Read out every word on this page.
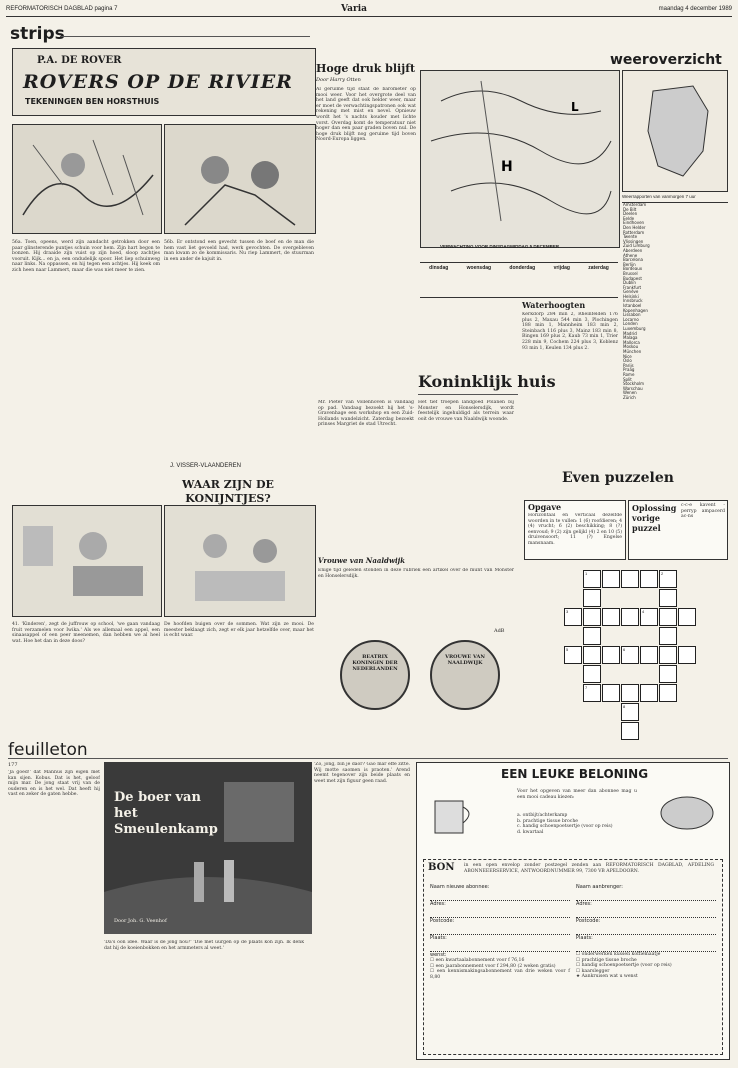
REFORMATORISCH DAGBLAD pagina 7	Varia	maandag 4 december 1989
strips
P.A. DE ROVER
ROVERS OP DE RIVIER
TEKENINGEN BEN HORSTHUIS
56a. Toen, opeens, werd zijn aandacht getrokken door een paar glinsterende puntjes schuin voor hem. Zijn hart begon te bonzen. Hij draaide zijn vuist op zijn hoed, sloop zachtjes vooruit. Kijk... en ja, een ondudelijk spoor. Het liep schuinweg naar links. Na oppassen, en hij tegen een achtjes. Hij keek om zich heen naar Lammert, maar die was niet meer te zien.
56b. Er ontstond een gevecht tussen de boef en de man die hem vast liet gevoeld had, werk gevochten. De overgebleven man kwam zo de kommissaris. Nu riep Lammert, de stuurman in een ander de kajuit in.
J. VISSER-VLAANDEREN
WAAR ZIJN DE KONIJNTJES?
41. 'Kinderen', zegt de juffrouw op school, 'we gaan vandaag fruit verzamelen voor Iwika.' Als we allemaal een appel, een sinaasappel of een peer meenemen, dan hebben we al heel wat. Hoe het dan in deze doos?
De hoofden buigen over de sommen. Wat zijn ze mooi. De meester beklaagt zich, zegt er elk jaar hetzelfde over, maar het is echt waar.
Hoge druk blijft
Door Harry Otten
Al geruime tijd staat de barometer op mooi weer. Voor het overgrote deel van het land geeft dat ook helder weer, maar er moet de verwachtingspatronen ook wat rekening met mist en nevel. Opnieuw wordt het 's nachts kouder met lichte vorst. Overdag komt de temperatuur niet hoger dan een paar graden boven nul. De hoge druk blijft nog geruime tijd boven Noord-Europa liggen.
weeroverzicht
H
L
VERWACHTING VOOR DINSDAGMIDDAG 5 DECEMBER
dinsdag	woensdag	donderdag	vrijdag	zaterdag
Weerrapporten van vanmorgen 7 uur
Amsterdam
De Bilt
Deelen
Eelde
Eindhoven
Den Helder
Rotterdam
Twente
Vlissingen
Zuid Limburg
Aberdeen
Athene
Barcelona
Berlijn
Bordeaux
Brussel
Budapest
Dublin
Frankfurt
Genève
Helsinki
Innsbruck
Istanboel
Kopenhagen
Lissabon
Locarno
Londen
Luxemburg
Madrid
Malaga
Mallorca
Moskou
München
Nice
Oslo
Parijs
Praag
Rome
Split
Stockholm
Warschau
Wenen
Zürich
Waterhoogten
Kerkdorp 284 min 2, Rheinfelden 176 plus 2, Maxau 544 min 3, Plochingen 188 min 1, Mannheim 183 min 2, Steinbach 116 plus 3, Mainz 183 min 8, Bingen 169 plus 2, Kaub 73 min 1, Trier 228 min 9, Cochem 224 plus 3, Koblenz 93 min 1, Keulen 134 plus 2.
Koninklijk huis
Mr. Pieter van Vollenhoven is vandaag op pad. Vandaag bezoekt hij het 's-Gravenhage een workshop en een Zuid-Hollands wandelzicht. Zaterdag bezoekt prinses Margriet de stad Utrecht.
Het tief troepen landgoed Polanen bij Monster en Honselersdijk, wordt feestelijk ingehuldigd als terrein waar ooit de vrouwe van Naaldwijk woonde.
Vrouwe van Naaldwijk
Enige tijd geleden stonden in deze rubriek een artikel over de munt van Monster en Honselersdijk.
BEATRIX KONINGIN DER NEDERLANDEN
VROUWE VAN NAALDWIJK
AdB
Even puzzelen
Opgave
Horizontaal en verticaal dezelfde woorden in te vullen: 1 (6) roofdieren; 4 (4) vrucht; 6 (2) beschikking; 8 (?) eenvoud; 9 (2) zijn gelijkl (4) 2 en 10 (5) druivensoort; 11 (?) Engelse mansnaam.
Oplossing vorige puzzel
c-c-e kavent -perryp ampacerd ac-ns
1	2
3	4
5	6
7
8
feuilleton
177
'Ja goed!' dat Mannus zijn eigen met kan sijen. Kobus. Dat is het, geloof mijn mar. De jong staat vrij van de ouderen en is het wel. Dat heeft hij vast en zeker de gaten hebbe.	De boer van het Smeulenkamp
Door Joh. G. Veenhof
'Da's oon idee. Waar is de jong nou?' 'Die met uurgen op de plaats kon zijn. Ik denk dat hij de koeienbokken en het armmeters al weet.'
'Zo, jong, bin je daor? Gao mar effe zitte. Wij motte saomen is praoten.' Arend neemt tegenover zijn beide plaats en weet met zijn figuur geen raad.
EEN LEUKE BELONING
Voor het opgeven van meer dan abonnee mag u een mooi cadeau kiezen:
a. ontbijt/achterkamp
b. prachtige tissue broche
c. handig schoenpoetsertje (voor op reis)
d. kwartaal
BON in een open envelop zonder postzegel zenden aan REFORMATORISCH DAGBLAD, AFDELING ABONNEEERSERVICE, ANTWOORDNUMMER 99, 7300 VB APELDOORN.
Naam nieuwe abonnee:
Adres:
Postcode:
Plaats:
wenst:
☐ een kwartaalabonnement voor f 76,16
☐ een jaarabonnement voor f 294,80 (2 weken gratis)
☐ een kennismakingsabonnement van drie weken voor f 8,80
Naam aanbrenger:
Adres:
Postcode:
Plaats:
☐ onderwerken kussen koffiemaatje
☐ prachtige tissue broche
☐ handig schoenpoetsertje (voor op reis)
☐ kaarslegger
★ Aankruisen wat u wenst
